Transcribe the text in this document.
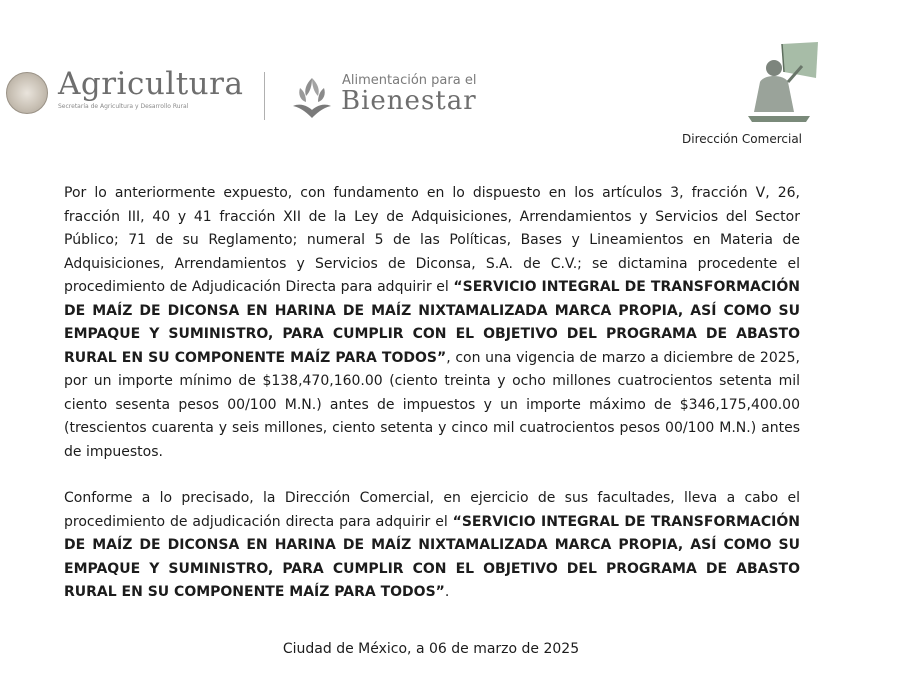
Agricultura
Secretaría de Agricultura y Desarrollo Rural
Alimentación para el
Bienestar
Dirección Comercial

Por lo anteriormente expuesto, con fundamento en lo dispuesto en los artículos 3, fracción V, 26, fracción III, 40 y 41 fracción XII de la Ley de Adquisiciones, Arrendamientos y Servicios del Sector Público; 71 de su Reglamento; numeral 5 de las Políticas, Bases y Lineamientos en Materia de Adquisiciones, Arrendamientos y Servicios de Diconsa, S.A. de C.V.; se dictamina procedente el procedimiento de Adjudicación Directa para adquirir el “SERVICIO INTEGRAL DE TRANSFORMACIÓN DE MAÍZ DE DICONSA EN HARINA DE MAÍZ NIXTAMALIZADA MARCA PROPIA, ASÍ COMO SU EMPAQUE Y SUMINISTRO, PARA CUMPLIR CON EL OBJETIVO DEL PROGRAMA DE ABASTO RURAL EN SU COMPONENTE MAÍZ PARA TODOS”, con una vigencia de marzo a diciembre de 2025, por un importe mínimo de $138,470,160.00 (ciento treinta y ocho millones cuatrocientos setenta mil ciento sesenta pesos 00/100 M.N.) antes de impuestos y un importe máximo de $346,175,400.00 (trescientos cuarenta y seis millones, ciento setenta y cinco mil cuatrocientos pesos 00/100 M.N.) antes de impuestos.

Conforme a lo precisado, la Dirección Comercial, en ejercicio de sus facultades, lleva a cabo el procedimiento de adjudicación directa para adquirir el “SERVICIO INTEGRAL DE TRANSFORMACIÓN DE MAÍZ DE DICONSA EN HARINA DE MAÍZ NIXTAMALIZADA MARCA PROPIA, ASÍ COMO SU EMPAQUE Y SUMINISTRO, PARA CUMPLIR CON EL OBJETIVO DEL PROGRAMA DE ABASTO RURAL EN SU COMPONENTE MAÍZ PARA TODOS”.

Ciudad de México, a 06 de marzo de 2025
